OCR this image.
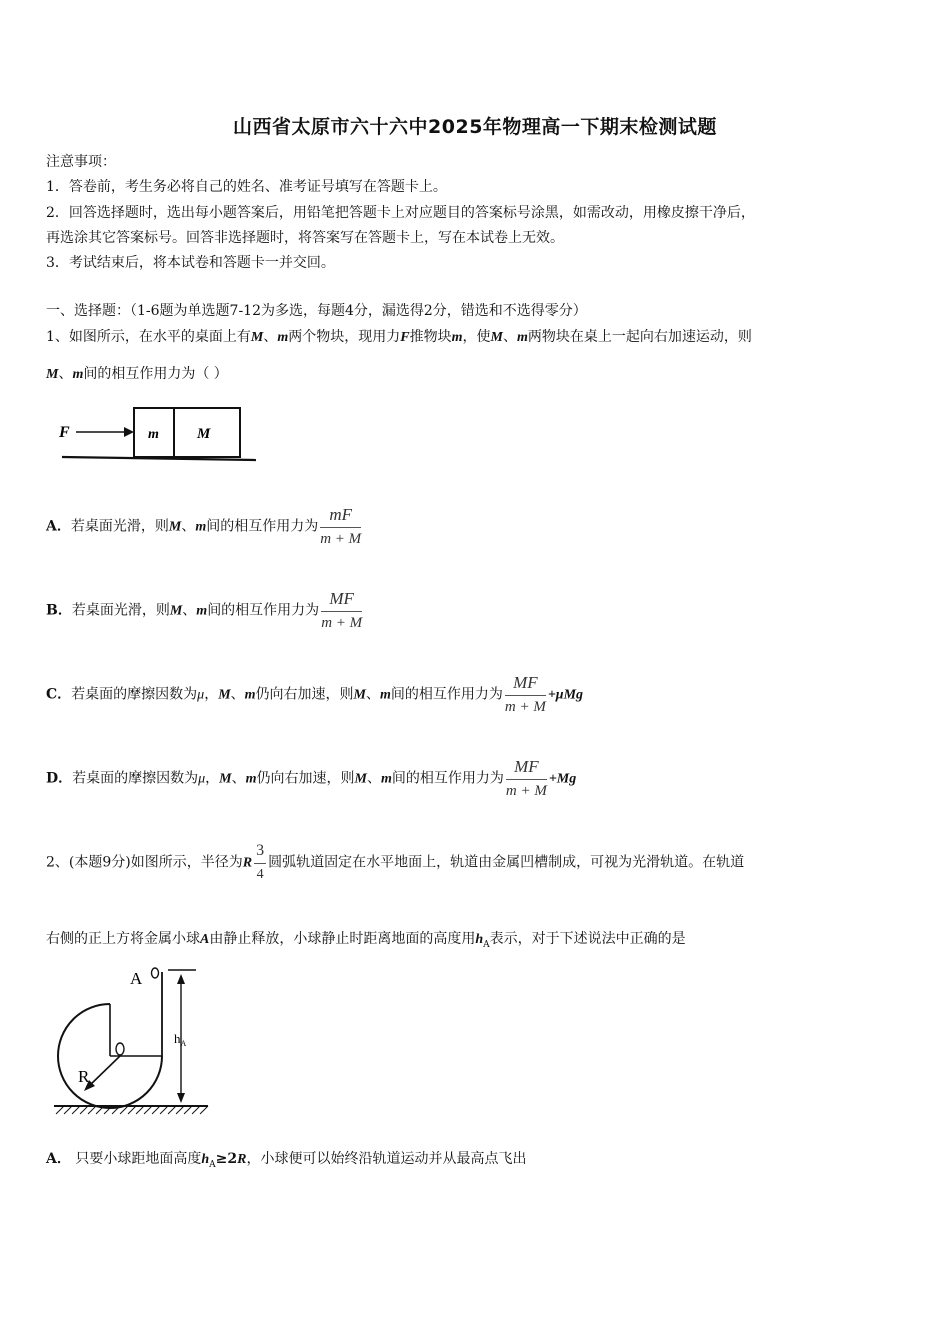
山西省太原市六十六中2025年物理高一下期末检测试题
注意事项：
1．答卷前，考生务必将自己的姓名、准考证号填写在答题卡上。
2．回答选择题时，选出每小题答案后，用铅笔把答题卡上对应题目的答案标号涂黑，如需改动，用橡皮擦干净后，
再选涂其它答案标号。回答非选择题时，将答案写在答题卡上，写在本试卷上无效。
3．考试结束后，将本试卷和答题卡一并交回。
一、选择题：（1-6题为单选题7-12为多选，每题4分，漏选得2分，错选和不选得零分）
1、如图所示，在水平的桌面上有M、m两个物块，现用力F推物块m，使M、m两物块在桌上一起向右加速运动，则
M、m间的相互作用力为（ ）
F	m	M
A．若桌面光滑，则M、m间的相互作用力为 $\frac{mF}{m + M}$
B．若桌面光滑，则M、m间的相互作用力为 $\frac{MF}{m + M}$
C．若桌面的摩擦因数为μ，M、m仍向右加速，则M、m间的相互作用力为 $\frac{MF}{m + M} +\mu Mg$
D．若桌面的摩擦因数为μ，M、m仍向右加速，则M、m间的相互作用力为 $\frac{MF}{m + M} +Mg$
2、(本题9分)如图所示，半径为R $\frac{3}{4}$ 圆弧轨道固定在水平地面上，轨道由金属凹槽制成，可视为光滑轨道。在轨道
右侧的正上方将金属小球A由静止释放，小球静止时距离地面的高度用$h_A$表示，对于下述说法中正确的是
R
A
$h_A$
A． 只要小球距地面高度$h_A\ge 2R$，小球便可以始终沿轨道运动并从最高点飞出
